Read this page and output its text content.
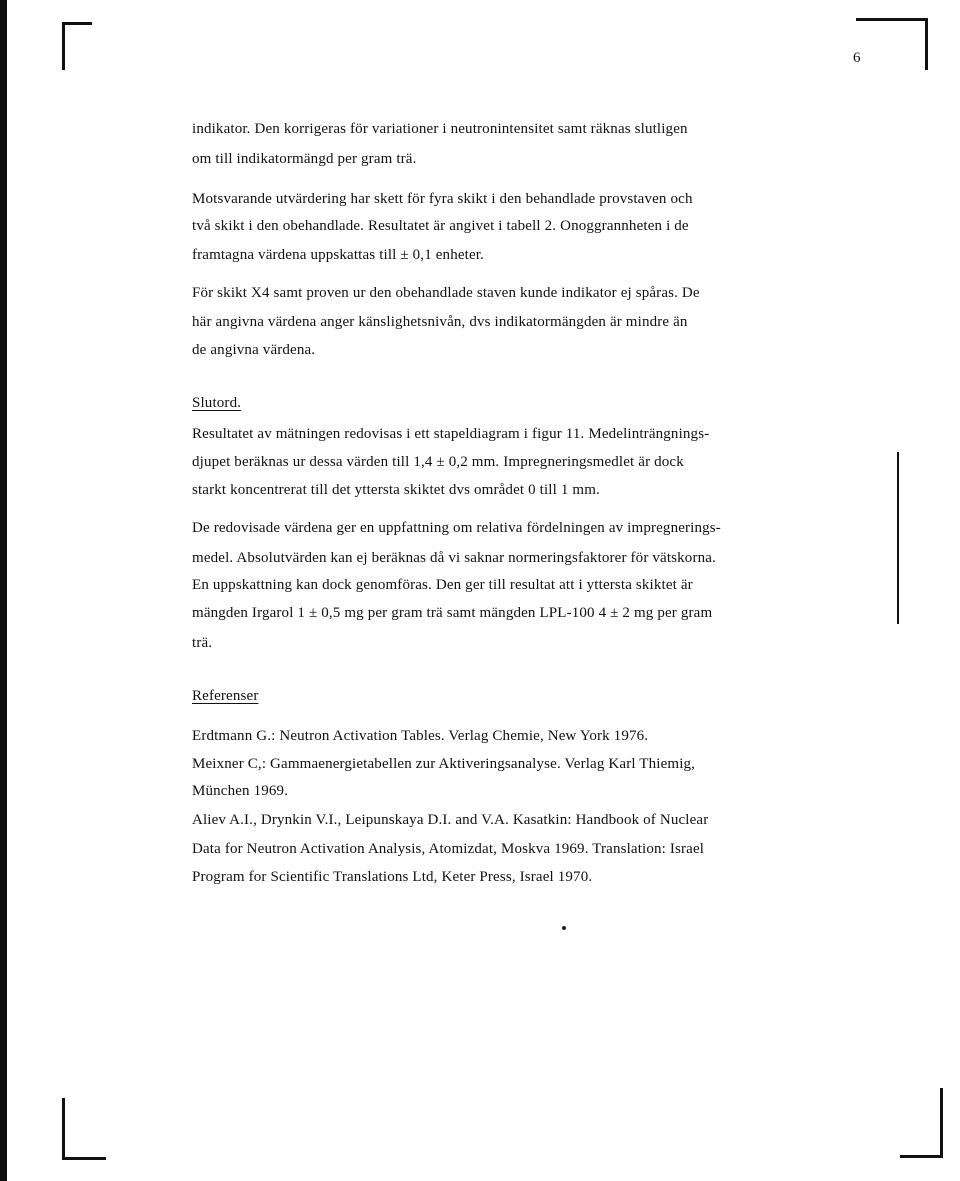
6
indikator. Den korrigeras för variationer i neutronintensitet samt räknas slutligen
om till indikatormängd per gram trä.
Motsvarande utvärdering har skett för fyra skikt i den behandlade provstaven och
två skikt i den obehandlade. Resultatet är angivet i tabell 2. Onoggrannheten i de
framtagna värdena uppskattas till ± 0,1 enheter.
För skikt X4 samt proven ur den obehandlade staven kunde indikator ej spåras. De
här angivna värdena anger känslighetsnivån, dvs indikatormängden är mindre än
de angivna värdena.
Slutord.
Resultatet av mätningen redovisas i ett stapeldiagram i figur 11. Medelinträngnings-
djupet beräknas ur dessa värden till 1,4 ± 0,2 mm. Impregneringsmedlet är dock
starkt koncentrerat till det yttersta skiktet dvs området 0 till 1 mm.
De redovisade värdena ger en uppfattning om relativa fördelningen av impregnerings-
medel. Absolutvärden kan ej beräknas då vi saknar normeringsfaktorer för vätskorna.
En uppskattning kan dock genomföras. Den ger till resultat att i yttersta skiktet är
mängden Irgarol 1 ± 0,5 mg per gram trä samt mängden LPL-100 4 ± 2 mg per gram
trä.
Referenser
Erdtmann G.: Neutron Activation Tables. Verlag Chemie, New York 1976.
Meixner C,: Gammaenergietabellen zur Aktiveringsanalyse. Verlag Karl Thiemig,
München 1969.
Aliev A.I., Drynkin V.I., Leipunskaya D.I. and V.A. Kasatkin: Handbook of Nuclear
Data for Neutron Activation Analysis, Atomizdat, Moskva 1969. Translation: Israel
Program for Scientific Translations Ltd, Keter Press, Israel 1970.
